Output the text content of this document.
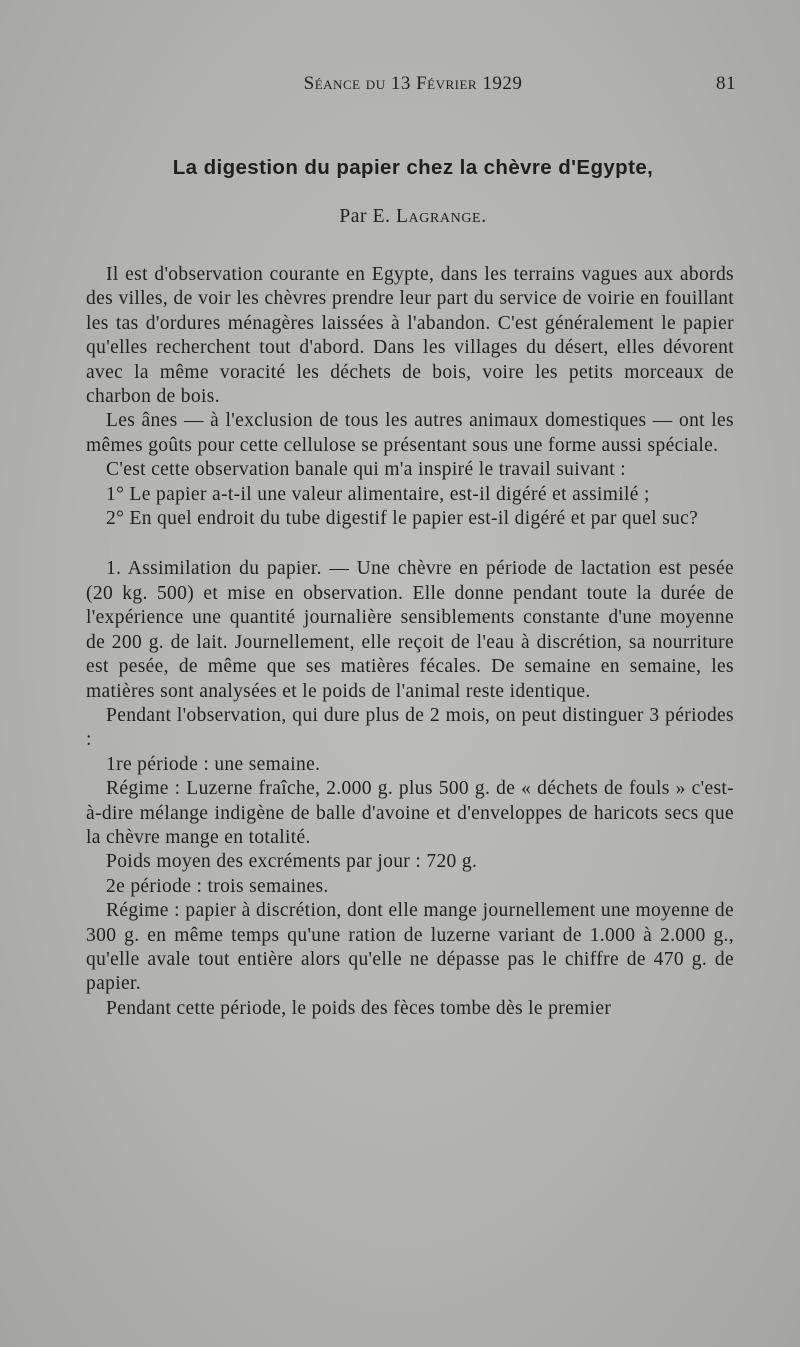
Séance du 13 Février 1929	81
La digestion du papier chez la chèvre d'Egypte,
Par E. Lagrange.

Il est d'observation courante en Egypte, dans les terrains vagues aux abords des villes, de voir les chèvres prendre leur part du service de voirie en fouillant les tas d'ordures ménagères laissées à l'abandon. C'est généralement le papier qu'elles recherchent tout d'abord. Dans les villages du désert, elles dévorent avec la même voracité les déchets de bois, voire les petits morceaux de charbon de bois.

Les ânes — à l'exclusion de tous les autres animaux domestiques — ont les mêmes goûts pour cette cellulose se présentant sous une forme aussi spéciale.

C'est cette observation banale qui m'a inspiré le travail suivant :

1° Le papier a-t-il une valeur alimentaire, est-il digéré et assimilé ;

2° En quel endroit du tube digestif le papier est-il digéré et par quel suc?

1. Assimilation du papier. — Une chèvre en période de lactation est pesée (20 kg. 500) et mise en observation. Elle donne pendant toute la durée de l'expérience une quantité journalière sensiblements constante d'une moyenne de 200 g. de lait. Journellement, elle reçoit de l'eau à discrétion, sa nourriture est pesée, de même que ses matières fécales. De semaine en semaine, les matières sont analysées et le poids de l'animal reste identique.

Pendant l'observation, qui dure plus de 2 mois, on peut distinguer 3 périodes :

1re période : une semaine.

Régime : Luzerne fraîche, 2.000 g. plus 500 g. de « déchets de fouls » c'est-à-dire mélange indigène de balle d'avoine et d'enveloppes de haricots secs que la chèvre mange en totalité.

Poids moyen des excréments par jour : 720 g.

2e période : trois semaines.

Régime : papier à discrétion, dont elle mange journellement une moyenne de 300 g. en même temps qu'une ration de luzerne variant de 1.000 à 2.000 g., qu'elle avale tout entière alors qu'elle ne dépasse pas le chiffre de 470 g. de papier.

Pendant cette période, le poids des fèces tombe dès le premier
